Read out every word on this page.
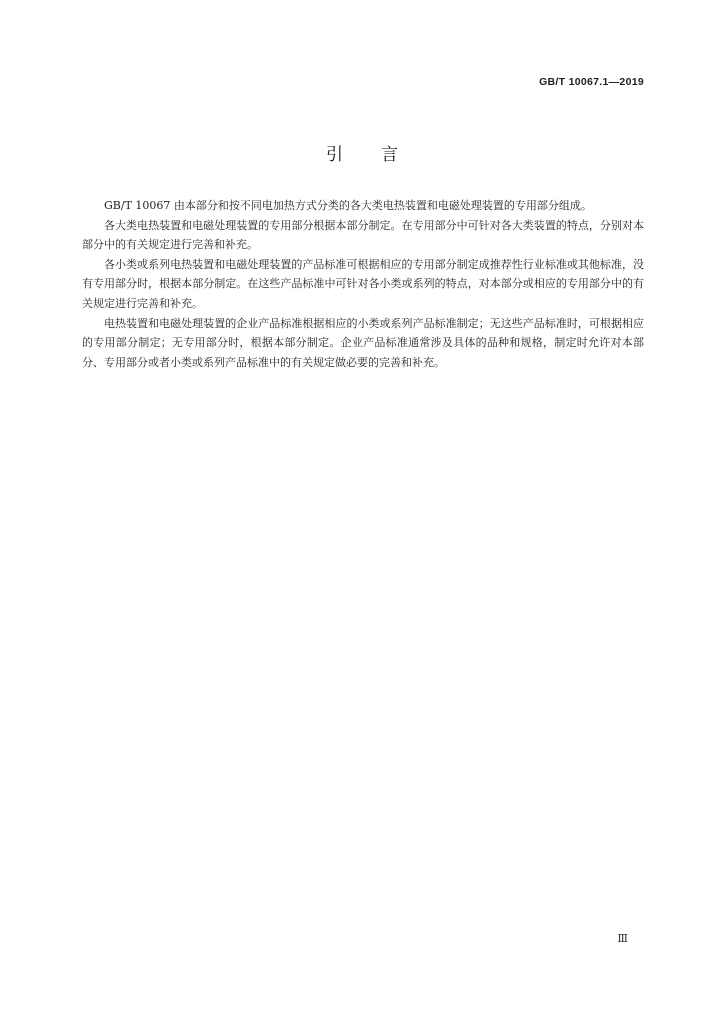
GB/T 10067.1—2019
引言

GB/T 10067 由本部分和按不同电加热方式分类的各大类电热装置和电磁处理装置的专用部分组成。

各大类电热装置和电磁处理装置的专用部分根据本部分制定。在专用部分中可针对各大类装置的特点，分别对本部分中的有关规定进行完善和补充。

各小类或系列电热装置和电磁处理装置的产品标准可根据相应的专用部分制定成推荐性行业标准或其他标准，没有专用部分时，根据本部分制定。在这些产品标准中可针对各小类或系列的特点，对本部分或相应的专用部分中的有关规定进行完善和补充。

电热装置和电磁处理装置的企业产品标准根据相应的小类或系列产品标准制定；无这些产品标准时，可根据相应的专用部分制定；无专用部分时，根据本部分制定。企业产品标准通常涉及具体的品种和规格，制定时允许对本部分、专用部分或者小类或系列产品标准中的有关规定做必要的完善和补充。

Ⅲ
